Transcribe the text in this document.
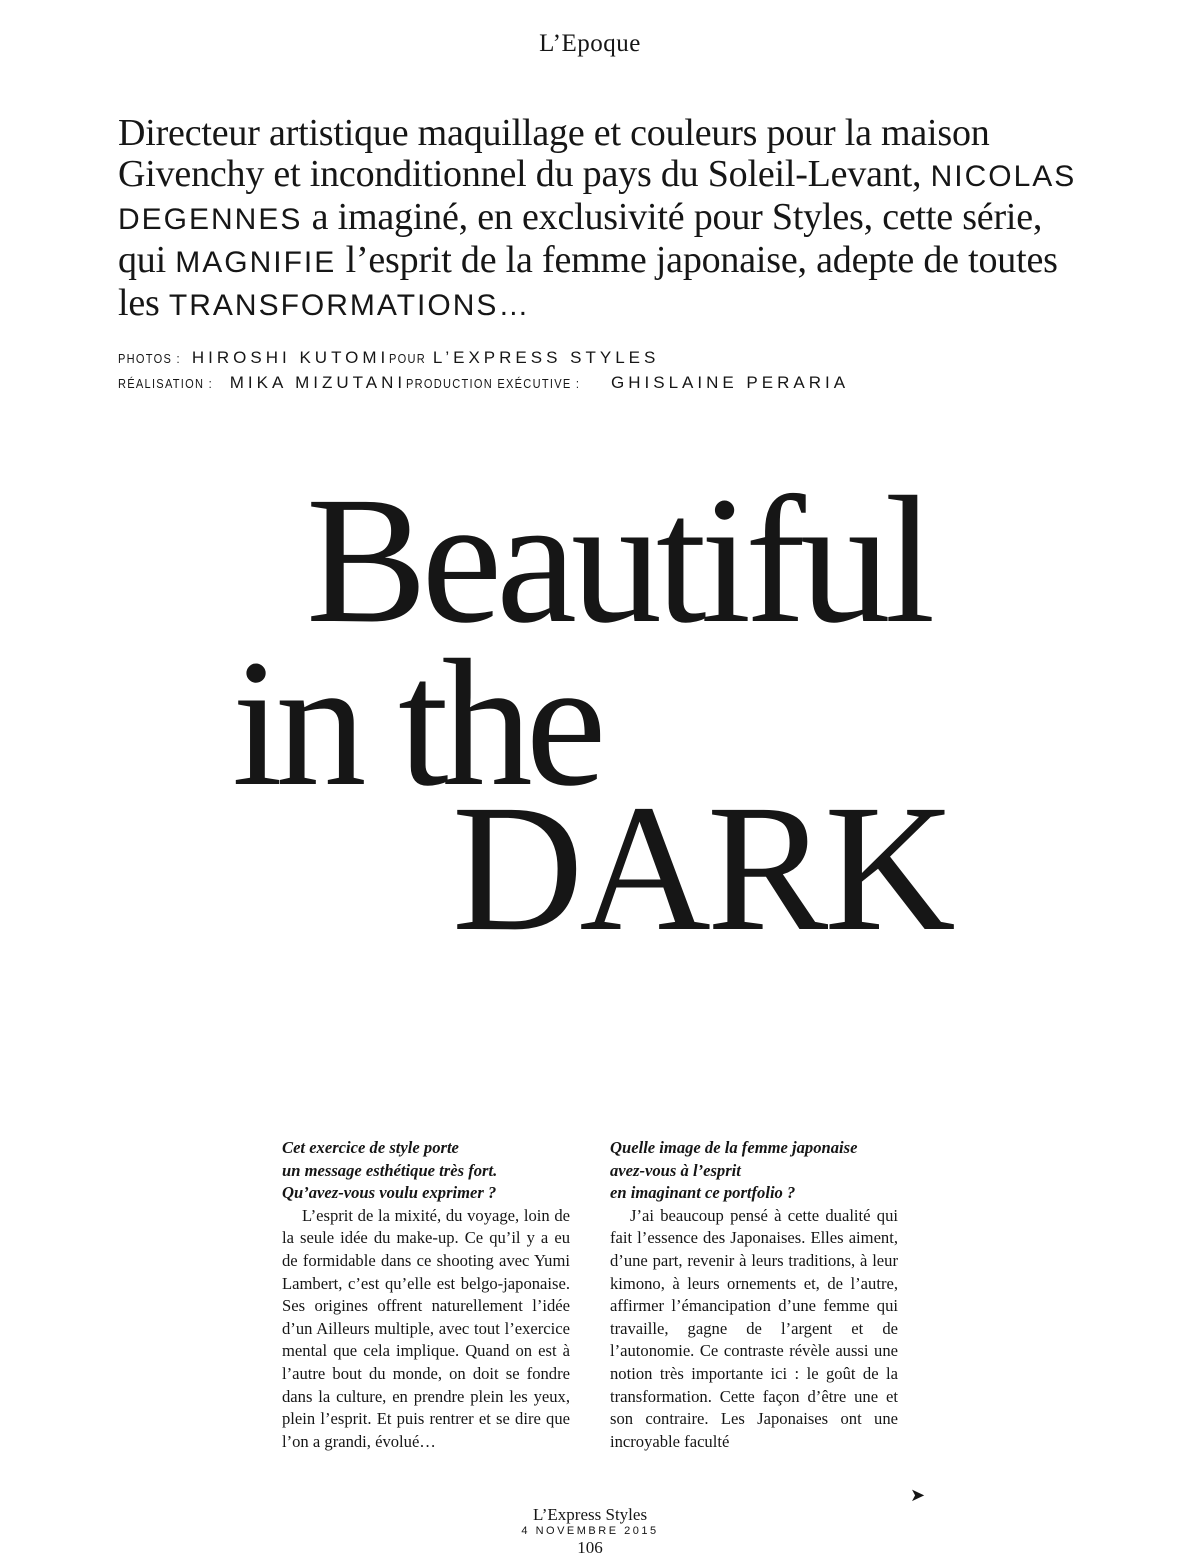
L’Epoque
Directeur artistique maquillage et couleurs pour la maison Givenchy et inconditionnel du pays du Soleil-Levant, NICOLAS DEGENNES a imaginé, en exclusivité pour Styles, cette série, qui MAGNIFIE l’esprit de la femme japonaise, adepte de toutes les TRANSFORMATIONS…
PHOTOS :HIROSHI KUTOMIPOURL’EXPRESS STYLES
RÉALISATION :MIKA MIZUTANIPRODUCTION EXÉCUTIVE :GHISLAINE PERARIA
Beautiful
in the
DARK
Cet exercice de style porte
un message esthétique très fort.
Qu’avez-vous voulu exprimer ?

L’esprit de la mixité, du voyage, loin de la seule idée du make-up. Ce qu’il y a eu de formidable dans ce shooting avec Yumi Lambert, c’est qu’elle est belgo-japonaise. Ses origines offrent naturellement l’idée d’un Ailleurs multiple, avec tout l’exercice mental que cela implique. Quand on est à l’autre bout du monde, on doit se fondre dans la culture, en prendre plein les yeux, plein l’esprit. Et puis rentrer et se dire que l’on a grandi, évolué…

Quelle image de la femme japonaise
avez-vous à l’esprit
en imaginant ce portfolio ?

J’ai beaucoup pensé à cette dualité qui fait l’essence des Japonaises. Elles aiment, d’une part, revenir à leurs traditions, à leur kimono, à leurs ornements et, de l’autre, affirmer l’émancipation d’une femme qui travaille, gagne de l’argent et de l’autonomie. Ce contraste révèle aussi une notion très importante ici : le goût de la transformation. Cette façon d’être une et son contraire. Les Japonaises ont une incroyable faculté

➤
L’Express Styles
4 NOVEMBRE 2015
106
